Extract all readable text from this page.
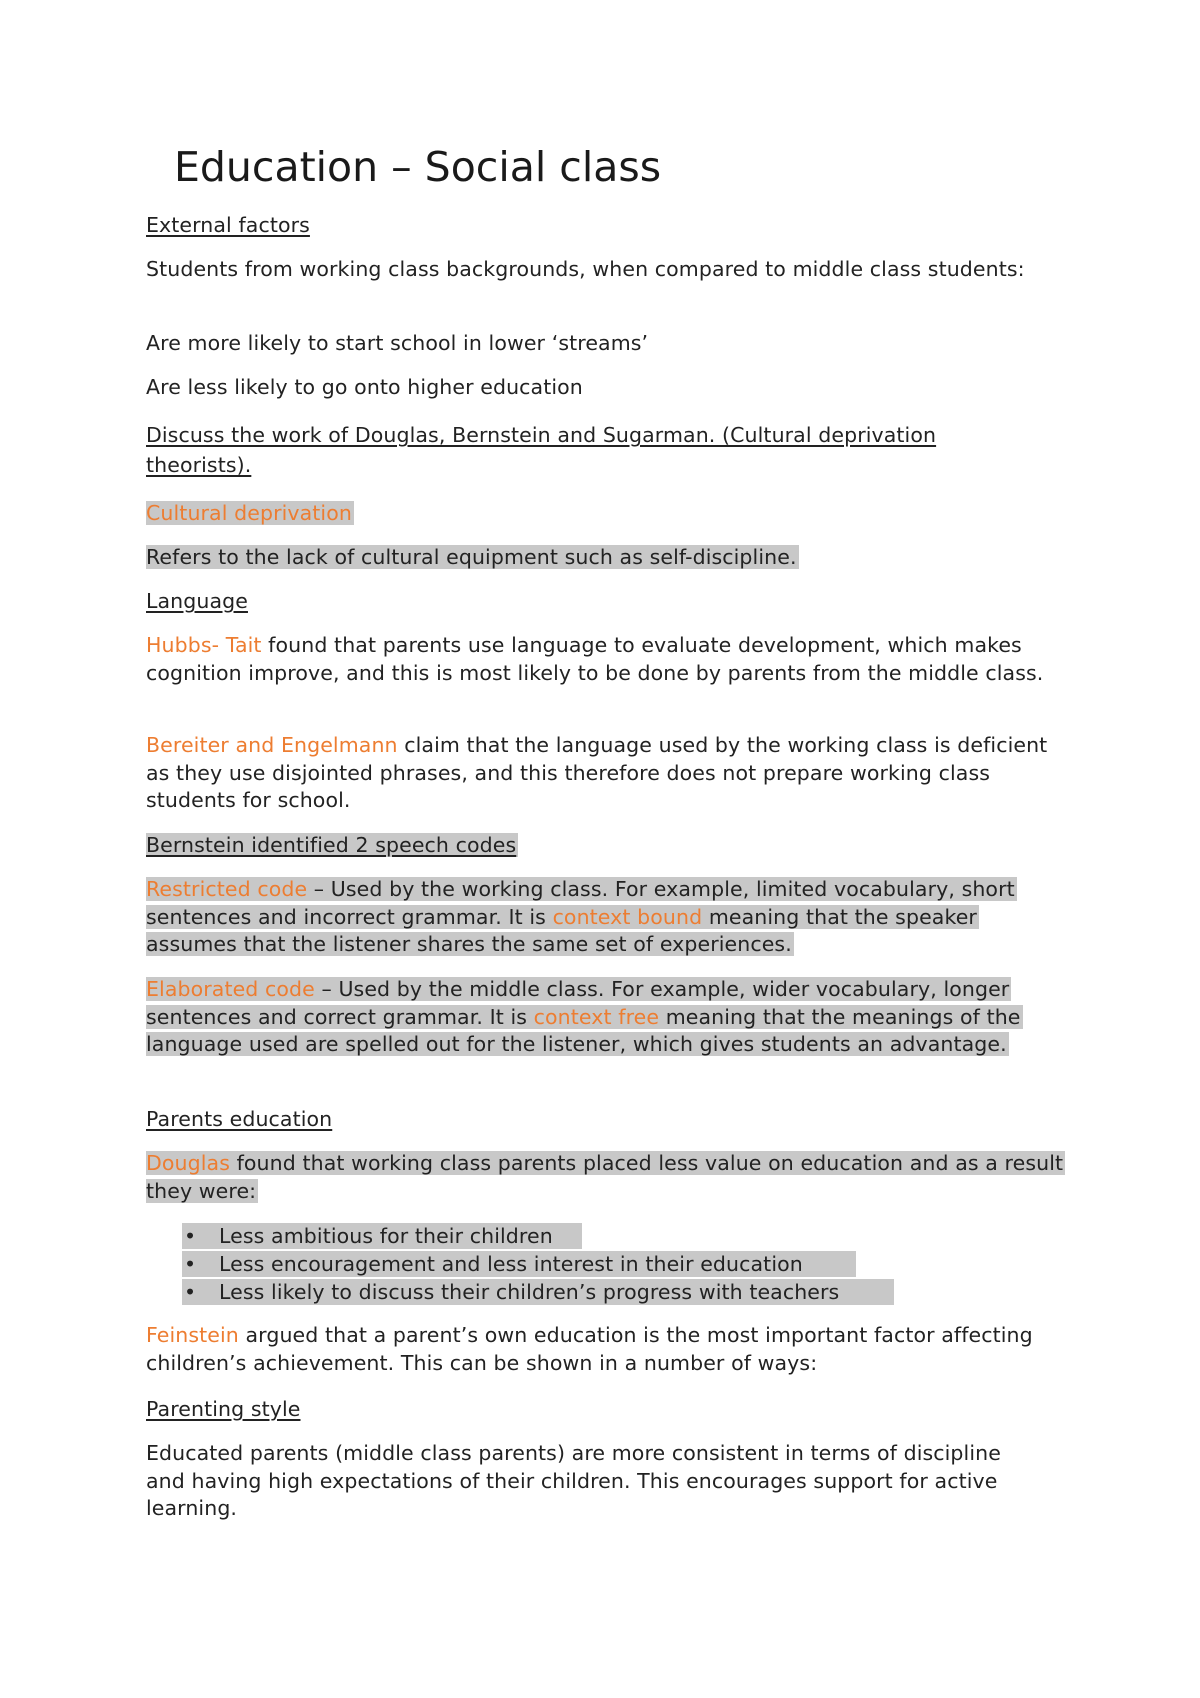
Education – Social class

External factors

Students from working class backgrounds, when compared to middle class students:

Are more likely to start school in lower ‘streams’

Are less likely to go onto higher education

Discuss the work of Douglas, Bernstein and Sugarman. (Cultural deprivation theorists).

Cultural deprivation

Refers to the lack of cultural equipment such as self-discipline.

Language

Hubbs- Tait found that parents use language to evaluate development, which makes cognition improve, and this is most likely to be done by parents from the middle class.

Bereiter and Engelmann claim that the language used by the working class is deficient as they use disjointed phrases, and this therefore does not prepare working class students for school.

Bernstein identified 2 speech codes

Restricted code – Used by the working class. For example, limited vocabulary, short sentences and incorrect grammar. It is context bound meaning that the speaker assumes that the listener shares the same set of experiences.

Elaborated code – Used by the middle class. For example, wider vocabulary, longer sentences and correct grammar. It is context free meaning that the meanings of the language used are spelled out for the listener, which gives students an advantage.

Parents education

Douglas found that working class parents placed less value on education and as a result they were:

• Less ambitious for their children
• Less encouragement and less interest in their education
• Less likely to discuss their children’s progress with teachers

Feinstein argued that a parent’s own education is the most important factor affecting children’s achievement. This can be shown in a number of ways:

Parenting style

Educated parents (middle class parents) are more consistent in terms of discipline and having high expectations of their children. This encourages support for active learning.
